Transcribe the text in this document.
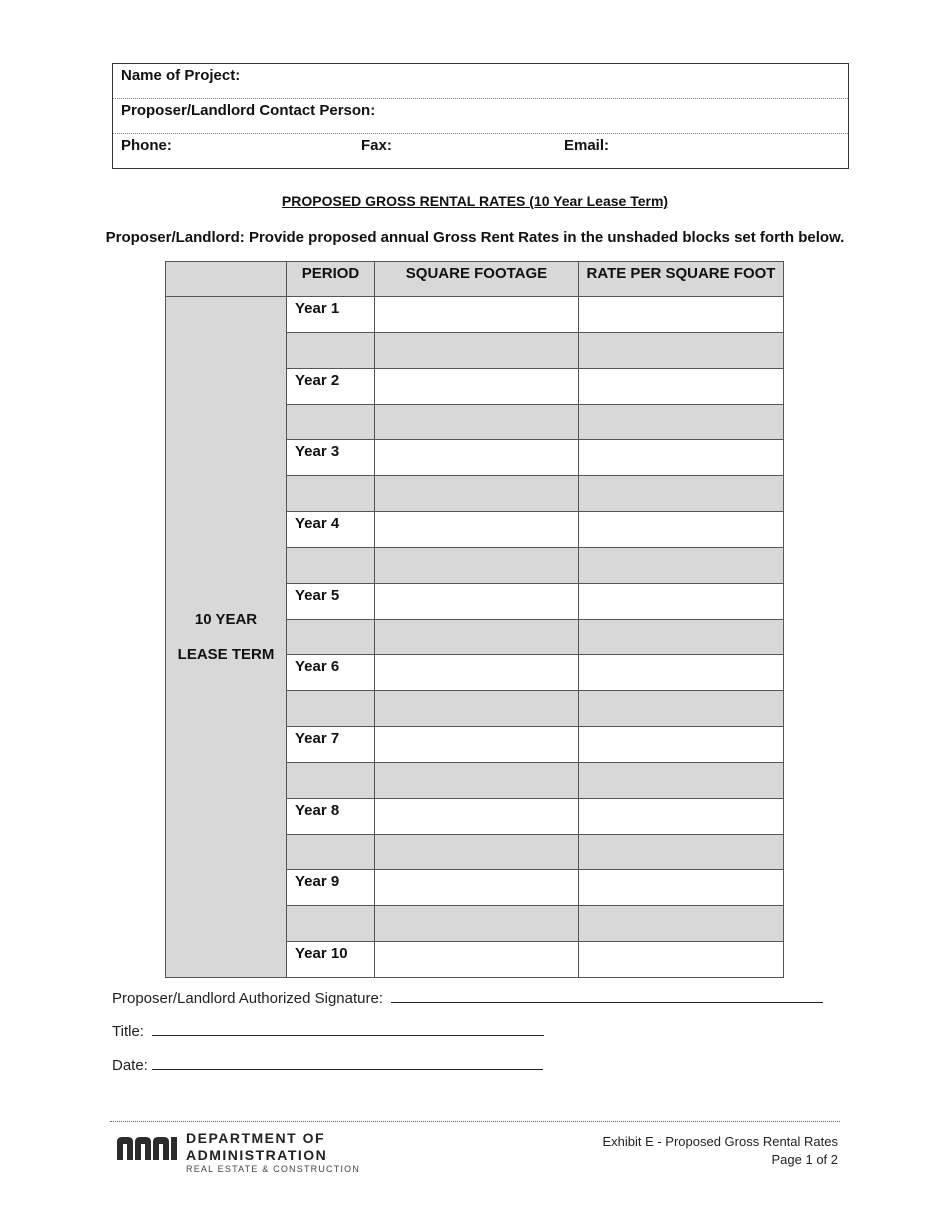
Name of Project:
Proposer/Landlord Contact Person:
Phone:	Fax:	Email:
PROPOSED GROSS RENTAL RATES (10 Year Lease Term)
Proposer/Landlord: Provide proposed annual Gross Rent Rates in the unshaded blocks set forth below.
PERIOD	SQUARE FOOTAGE	RATE PER SQUARE FOOT
10 YEAR
LEASE TERM
Year 1
Year 2
Year 3
Year 4
Year 5
Year 6
Year 7
Year 8
Year 9
Year 10
Proposer/Landlord Authorized Signature:
Title:
Date:
DEPARTMENT OF
ADMINISTRATION
REAL ESTATE & CONSTRUCTION
Exhibit E - Proposed Gross Rental Rates
Page 1 of 2
